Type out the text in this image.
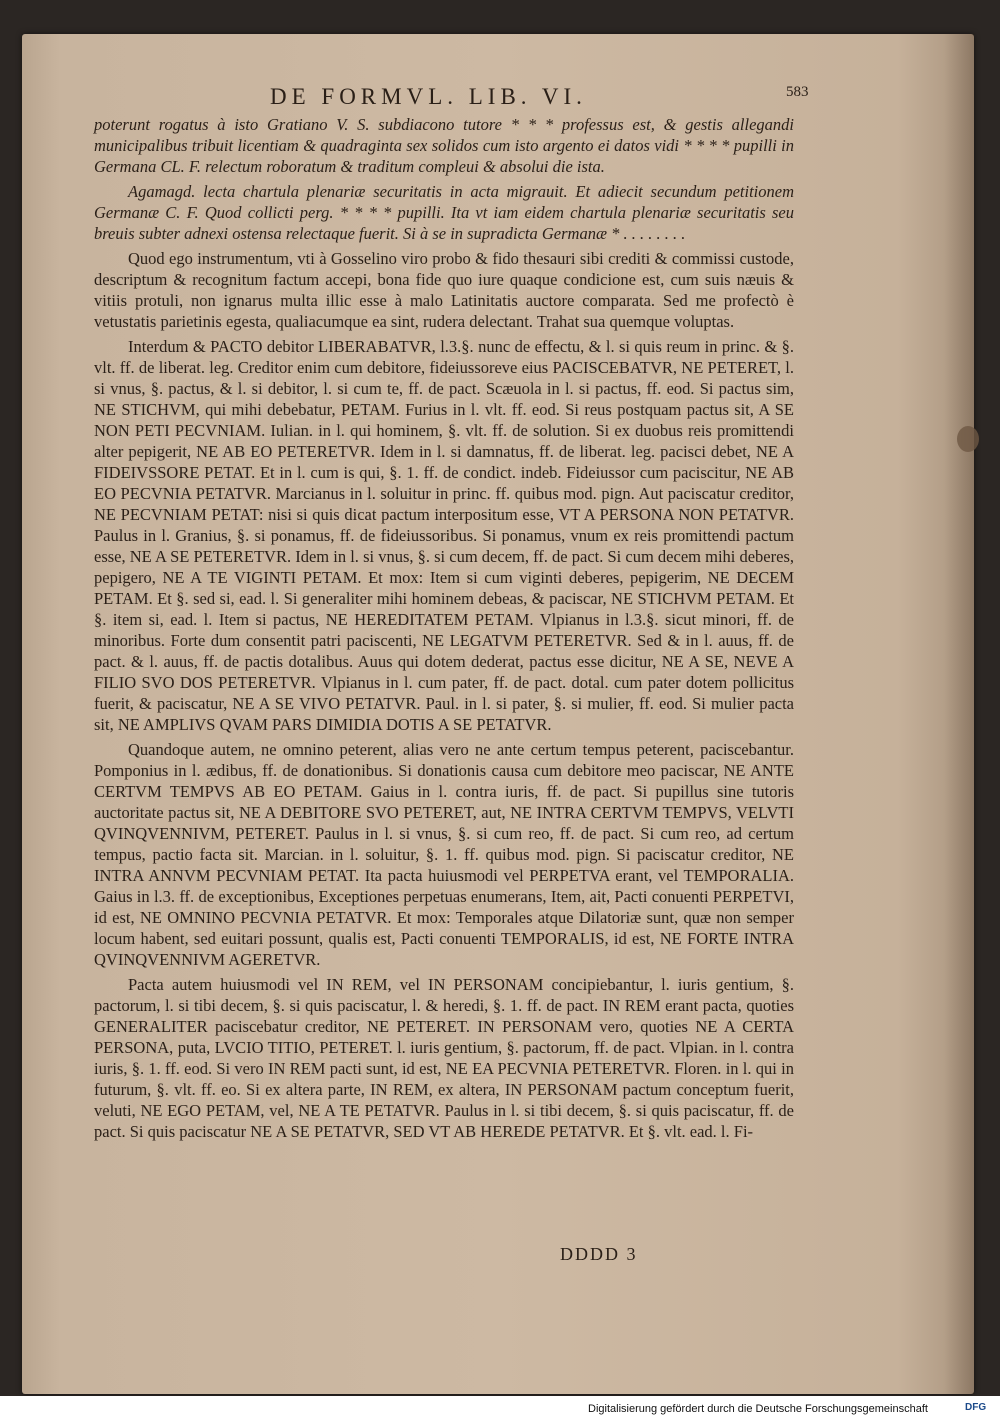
DE FORMVL. LIB. VI.	583

poterunt rogatus à isto Gratiano V. S. subdiacono tutore * * * professus est, & gestis allegandi municipalibus tribuit licentiam & quadraginta sex solidos cum isto argento ei datos vidi * * * * pupilli in Germana CL. F. relectum roboratum & traditum compleui & absolui die ista.

Agamagd. lecta chartula plenariæ securitatis in acta migrauit. Et adiecit secundum petitionem Germanæ C. F. Quod collicti perg. * * * * pupilli. Ita vt iam eidem chartula plenariæ securitatis seu breuis subter adnexi ostensa relectaque fuerit. Si à se in supradicta Germanæ * . . . . . . . .

Quod ego instrumentum, vti à Gosselino viro probo & fido thesauri sibi crediti & commissi custode, descriptum & recognitum factum accepi, bona fide quo iure quaque condicione est, cum suis næuis & vitiis protuli, non ignarus multa illic esse à malo Latinitatis auctore comparata. Sed me profectò è vetustatis parietinis egesta, qualiacumque ea sint, rudera delectant. Trahat sua quemque voluptas.

Interdum & PACTO debitor LIBERABATVR, l.3.§. nunc de effectu, & l. si quis reum in princ. & §. vlt. ff. de liberat. leg. Creditor enim cum debitore, fideiussoreve eius PACISCEBATVR, NE PETERET, l. si vnus, §. pactus, & l. si debitor, l. si cum te, ff. de pact. Scæuola in l. si pactus, ff. eod. Si pactus sim, NE STICHVM, qui mihi debebatur, PETAM. Furius in l. vlt. ff. eod. Si reus postquam pactus sit, A SE NON PETI PECVNIAM. Iulian. in l. qui hominem, §. vlt. ff. de solution. Si ex duobus reis promittendi alter pepigerit, NE AB EO PETERETVR. Idem in l. si damnatus, ff. de liberat. leg. pacisci debet, NE A FIDEIVSSORE PETAT. Et in l. cum is qui, §. 1. ff. de condict. indeb. Fideiussor cum paciscitur, NE AB EO PECVNIA PETATVR. Marcianus in l. soluitur in princ. ff. quibus mod. pign. Aut paciscatur creditor, NE PECVNIAM PETAT: nisi si quis dicat pactum interpositum esse, VT A PERSONA NON PETATVR. Paulus in l. Granius, §. si ponamus, ff. de fideiussoribus. Si ponamus, vnum ex reis promittendi pactum esse, NE A SE PETERETVR. Idem in l. si vnus, §. si cum decem, ff. de pact. Si cum decem mihi deberes, pepigero, NE A TE VIGINTI PETAM. Et mox: Item si cum viginti deberes, pepigerim, NE DECEM PETAM. Et §. sed si, ead. l. Si generaliter mihi hominem debeas, & paciscar, NE STICHVM PETAM. Et §. item si, ead. l. Item si pactus, NE HEREDITATEM PETAM. Vlpianus in l.3.§. sicut minori, ff. de minoribus. Forte dum consentit patri paciscenti, NE LEGATVM PETERETVR. Sed & in l. auus, ff. de pact. & l. auus, ff. de pactis dotalibus. Auus qui dotem dederat, pactus esse dicitur, NE A SE, NEVE A FILIO SVO DOS PETERETVR. Vlpianus in l. cum pater, ff. de pact. dotal. cum pater dotem pollicitus fuerit, & paciscatur, NE A SE VIVO PETATVR. Paul. in l. si pater, §. si mulier, ff. eod. Si mulier pacta sit, NE AMPLIVS QVAM PARS DIMIDIA DOTIS A SE PETATVR.

Quandoque autem, ne omnino peterent, alias vero ne ante certum tempus peterent, paciscebantur. Pomponius in l. ædibus, ff. de donationibus. Si donationis causa cum debitore meo paciscar, NE ANTE CERTVM TEMPVS AB EO PETAM. Gaius in l. contra iuris, ff. de pact. Si pupillus sine tutoris auctoritate pactus sit, NE A DEBITORE SVO PETERET, aut, NE INTRA CERTVM TEMPVS, VELVTI QVINQVENNIVM, PETERET. Paulus in l. si vnus, §. si cum reo, ff. de pact. Si cum reo, ad certum tempus, pactio facta sit. Marcian. in l. soluitur, §. 1. ff. quibus mod. pign. Si paciscatur creditor, NE INTRA ANNVM PECVNIAM PETAT. Ita pacta huiusmodi vel PERPETVA erant, vel TEMPORALIA. Gaius in l.3. ff. de exceptionibus, Exceptiones perpetuas enumerans, Item, ait, Pacti conuenti PERPETVI, id est, NE OMNINO PECVNIA PETATVR. Et mox: Temporales atque Dilatoriæ sunt, quæ non semper locum habent, sed euitari possunt, qualis est, Pacti conuenti TEMPORALIS, id est, NE FORTE INTRA QVINQVENNIVM AGERETVR.

Pacta autem huiusmodi vel IN REM, vel IN PERSONAM concipiebantur, l. iuris gentium, §. pactorum, l. si tibi decem, §. si quis paciscatur, l. & heredi, §. 1. ff. de pact. IN REM erant pacta, quoties GENERALITER paciscebatur creditor, NE PETERET. IN PERSONAM vero, quoties NE A CERTA PERSONA, puta, LVCIO TITIO, PETERET. l. iuris gentium, §. pactorum, ff. de pact. Vlpian. in l. contra iuris, §. 1. ff. eod. Si vero IN REM pacti sunt, id est, NE EA PECVNIA PETERETVR. Floren. in l. qui in futurum, §. vlt. ff. eo. Si ex altera parte, IN REM, ex altera, IN PERSONAM pactum conceptum fuerit, veluti, NE EGO PETAM, vel, NE A TE PETATVR. Paulus in l. si tibi decem, §. si quis paciscatur, ff. de pact. Si quis paciscatur NE A SE PETATVR, SED VT AB HEREDE PETATVR. Et §. vlt. ead. l. Fi-

DDDD 3
Digitalisierung gefördert durch die Deutsche Forschungsgemeinschaft	DFG
